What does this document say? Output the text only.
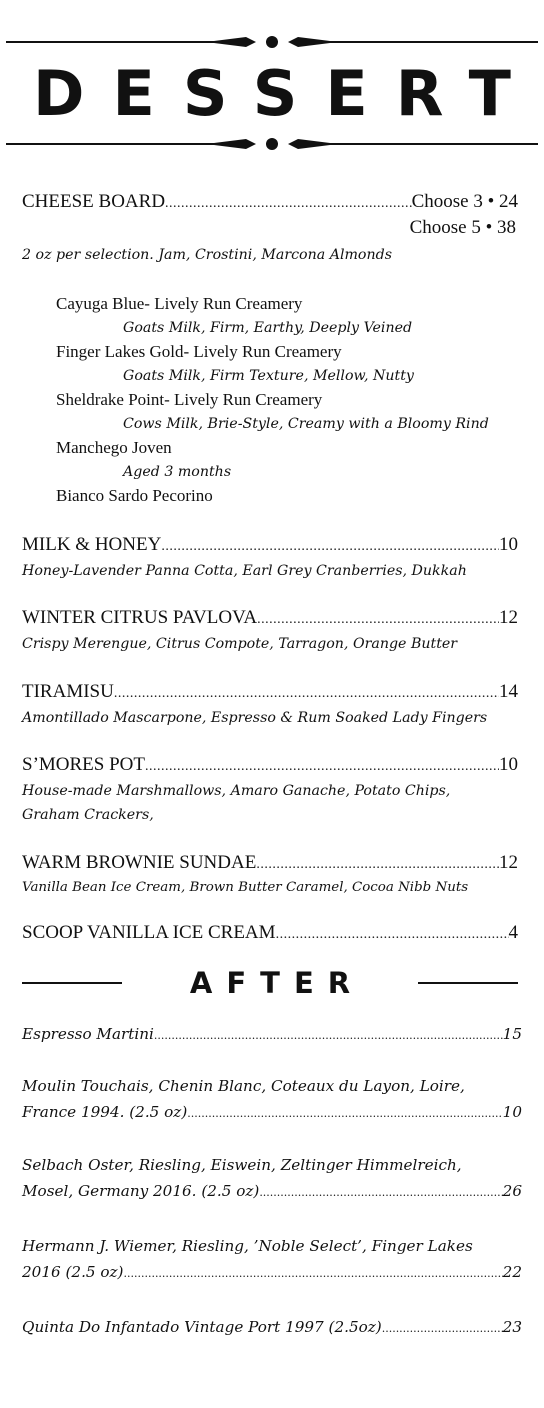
DESSERT
CHEESE BOARD .....	Choose 3 • 24
Choose 5 • 38
2 oz per selection. Jam, Crostini, Marcona Almonds
Cayuga Blue- Lively Run Creamery
Goats Milk, Firm, Earthy, Deeply Veined
Finger Lakes Gold- Lively Run Creamery
Goats Milk, Firm Texture, Mellow, Nutty
Sheldrake Point- Lively Run Creamery
Cows Milk, Brie-Style, Creamy with a Bloomy Rind
Manchego Joven
Aged 3 months
Bianco Sardo Pecorino
MILK & HONEY .....	10
Honey-Lavender Panna Cotta, Earl Grey Cranberries, Dukkah
WINTER CITRUS PAVLOVA .....	12
Crispy Merengue, Citrus Compote, Tarragon, Orange Butter
TIRAMISU .....	14
Amontillado Mascarpone, Espresso & Rum Soaked Lady Fingers
S’MORES POT .....	10
House-made Marshmallows, Amaro Ganache, Potato Chips,
Graham Crackers,
WARM BROWNIE SUNDAE .....	12
Vanilla Bean Ice Cream, Brown Butter Caramel, Cocoa Nibb Nuts
SCOOP VANILLA ICE CREAM .....	4
AFTER
Espresso Martini .....	15
Moulin Touchais, Chenin Blanc, Coteaux du Layon, Loire,
France 1994. (2.5 oz) .....	10
Selbach Oster, Riesling, Eiswein, Zeltinger Himmelreich,
Mosel, Germany 2016. (2.5 oz) .....	26
Hermann J. Wiemer, Riesling, ’Noble Select’, Finger Lakes
2016 (2.5 oz) .....	22
Quinta Do Infantado Vintage Port 1997 (2.5oz) .....	23
